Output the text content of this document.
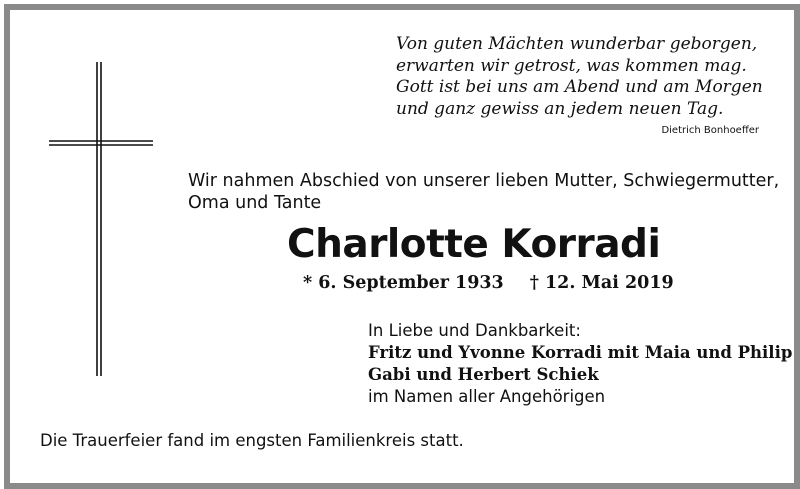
Von guten Mächten wunderbar geborgen,
erwarten wir getrost, was kommen mag.
Gott ist bei uns am Abend und am Morgen
und ganz gewiss an jedem neuen Tag.
Dietrich Bonhoeffer
Wir nahmen Abschied von unserer lieben Mutter, Schwiegermutter,
Oma und Tante
Charlotte Korradi
* 6. September 1933 † 12. Mai 2019
In Liebe und Dankbarkeit:
Fritz und Yvonne Korradi mit Maia und Philip
Gabi und Herbert Schiek
im Namen aller Angehörigen
Die Trauerfeier fand im engsten Familienkreis statt.
